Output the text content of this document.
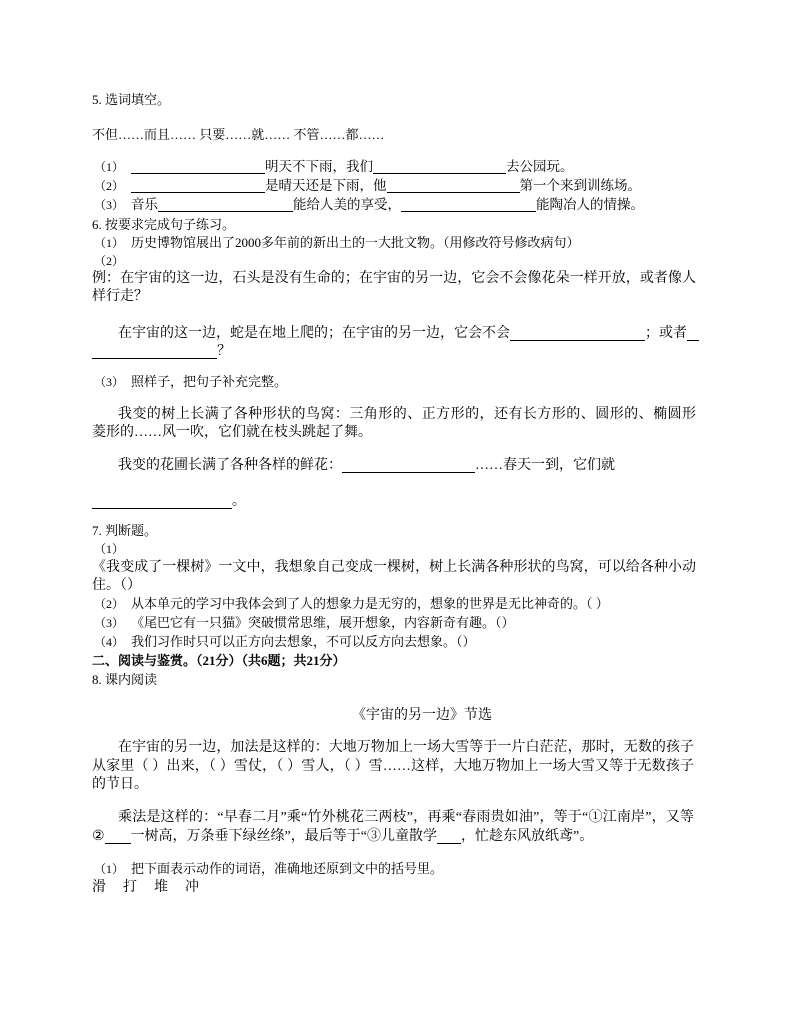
5. 选词填空。
不但……而且…… 只要……就…… 不管……都……
（1）	明天不下雨，我们	去公园玩。
（2）	是晴天还是下雨，他	第一个来到训练场。
（3） 音乐	能给人美的享受，	能陶冶人的情操。
6. 按要求完成句子练习。
（1） 历史博物馆展出了2000多年前的新出土的一大批文物。（用修改符号修改病句）
（2）
例：在宇宙的这一边，石头是没有生命的；在宇宙的另一边，它会不会像花朵一样开放，或者像人
样行走？
在宇宙的这一边，蛇是在地上爬的；在宇宙的另一边，它会不会	；或者
？
（3） 照样子，把句子补充完整。
我变的树上长满了各种形状的鸟窝：三角形的、正方形的，还有长方形的、圆形的、椭圆形
菱形的……风一吹，它们就在枝头跳起了舞。
我变的花圃长满了各种各样的鲜花：	……春天一到，它们就
。
7. 判断题。
（1）
《我变成了一棵树》一文中，我想象自己变成一棵树，树上长满各种形状的鸟窝，可以给各种小动
住。（）
（2） 从本单元的学习中我体会到了人的想象力是无穷的，想象的世界是无比神奇的。（ ）
（3） 《尾巴它有一只猫》突破惯常思维，展开想象，内容新奇有趣。（）
（4） 我们习作时只可以正方向去想象，不可以反方向去想象。（）
二、阅读与鉴赏。（21分）（共6题；共21分）
8. 课内阅读
《宇宙的另一边》节选
在宇宙的另一边，加法是这样的：大地万物加上一场大雪等于一片白茫茫，那时，无数的孩子
从家里（ ）出来，（ ）雪仗，（ ）雪人，（ ）雪……这样，大地万物加上一场大雪又等于无数孩子
的节日。
乘法是这样的：“早春二月”乘“竹外桃花三两枝”，再乘“春雨贵如油”，等于“①江南岸”，又等
② 一树高，万条垂下绿丝绦”，最后等于“③儿童散学 ，忙趁东风放纸鸢”。
（1） 把下面表示动作的词语，准确地还原到文中的括号里。
滑 打 堆 冲
